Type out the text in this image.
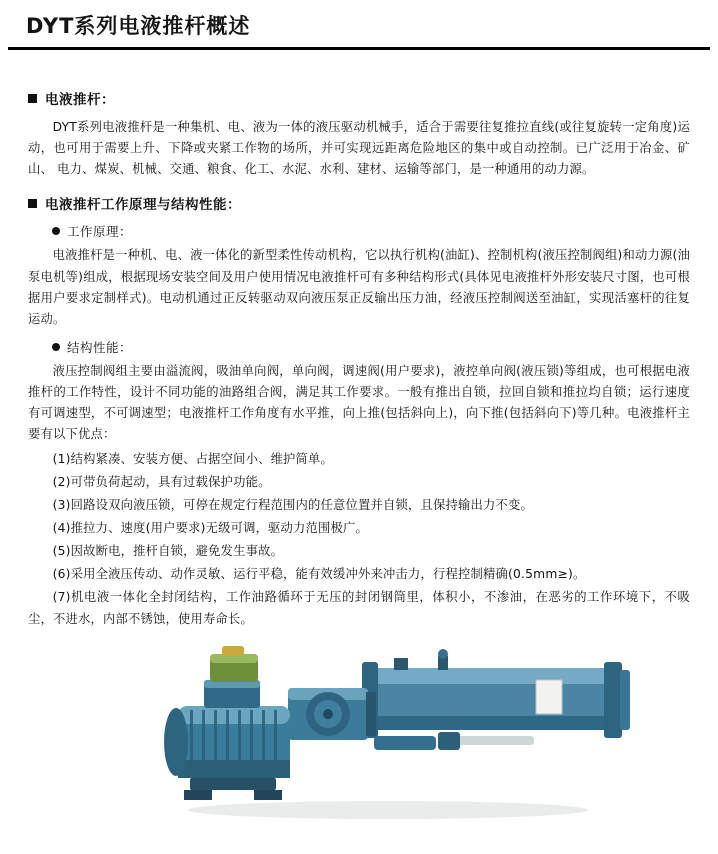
DYT系列电液推杆概述
电液推杆：

DYT系列电液推杆是一种集机、电、液为一体的液压驱动机械手，适合于需要往复推拉直线(或往复旋转一定角度)运动，也可用于需要上升、下降或夹紧工作物的场所，并可实现远距离危险地区的集中或自动控制。已广泛用于冶金、矿山、 电力、煤炭、机械、交通、粮食、化工、水泥、水利、建材、运输等部门，是一种通用的动力源。

电液推杆工作原理与结构性能：
工作原理：

电液推杆是一种机、电、液一体化的新型柔性传动机构，它以执行机构(油缸)、控制机构(液压控制阀组)和动力源(油泵电机等)组成，根据现场安装空间及用户使用情况电液推杆可有多种结构形式(具体见电液推杆外形安装尺寸图，也可根据用户要求定制样式)。电动机通过正反转驱动双向液压泵正反输出压力油，经液压控制阀送至油缸，实现活塞杆的往复运动。

结构性能：

液压控制阀组主要由溢流阀，吸油单向阀，单向阀，调速阀(用户要求)，液控单向阀(液压锁)等组成，也可根据电液推杆的工作特性，设计不同功能的油路组合阀，满足其工作要求。一般有推出自锁，拉回自锁和推拉均自锁；运行速度有可调速型，不可调速型；电液推杆工作角度有水平推，向上推(包括斜向上)，向下推(包括斜向下)等几种。电液推杆主要有以下优点：

(1)结构紧凑、安装方便、占据空间小、维护简单。

(2)可带负荷起动，具有过载保护功能。

(3)回路设双向液压锁，可停在规定行程范围内的任意位置并自锁，且保持输出力不变。

(4)推拉力、速度(用户要求)无级可调，驱动力范围极广。

(5)因故断电，推杆自锁，避免发生事故。

(6)采用全液压传动、动作灵敏、运行平稳，能有效缓冲外来冲击力，行程控制精确(0.5mm≥)。

(7)机电液一体化全封闭结构，工作油路循环于无压的封闭钢筒里，体积小，不渗油，在恶劣的工作环境下，不吸尘，不进水，内部不锈蚀，使用寿命长。
